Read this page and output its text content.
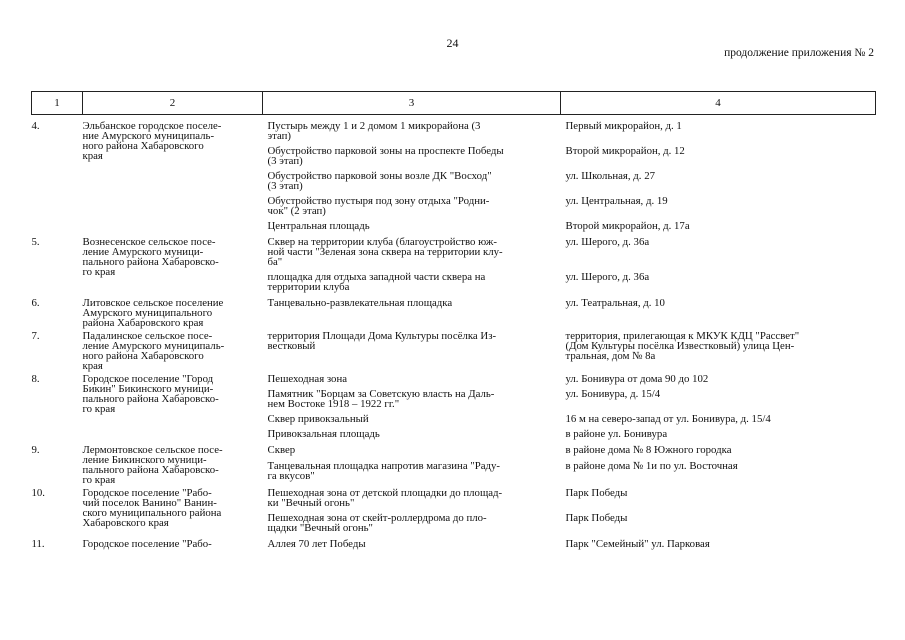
24
продолжение приложения № 2
1	2	3	4

4.	Эльбанское городское поселе-
ние Амурского муниципаль-
ного района Хабаровского
края	Пустырь между 1 и 2 домом 1 микрорайона (3
этап)	Первый микрорайон, д. 1

		Обустройство парковой зоны на проспекте Победы
(3 этап)	Второй микрорайон, д. 12

		Обустройство парковой зоны возле ДК "Восход"
(3 этап)	ул. Школьная, д. 27

		Обустройство пустыря под зону отдыха "Родни-
чок" (2 этап)	ул. Центральная, д. 19

		Центральная площадь	Второй микрорайон, д. 17а

5.	Вознесенское сельское посе-
ление Амурского муници-
пального района Хабаровско-
го края	Сквер на территории клуба (благоустройство юж-
ной части "Зеленая зона сквера на территории клу-
ба"	ул. Шерого, д. 36а

		площадка для отдыха западной части сквера на
территории клуба	ул. Шерого, д. 36а

6.	Литовское сельское поселение
Амурского муниципального
района Хабаровского края	Танцевально-развлекательная площадка	ул. Театральная, д. 10

7.	Падалинское сельское посе-
ление Амурского муниципаль-
ного района Хабаровского
края	территория Площади Дома Культуры посёлка Из-
вестковый	территория, прилегающая к МКУК КДЦ "Рассвет"
(Дом Культуры посёлка Известковый) улица Цен-
тральная, дом № 8а

8.	Городское поселение "Город
Бикин" Бикинского муници-
пального района Хабаровско-
го края	Пешеходная зона	ул. Бонивура от дома 90 до 102

		Памятник "Борцам за Советскую власть на Даль-
нем Востоке 1918 – 1922 гг."	ул. Бонивура, д. 15/4

		Сквер привокзальный	16 м на северо-запад от ул. Бонивура, д. 15/4

		Привокзальная площадь	в районе ул. Бонивура

9.	Лермонтовское сельское посе-
ление Бикинского муници-
пального района Хабаровско-
го края	Сквер	в районе дома № 8 Южного городка

		Танцевальная площадка напротив магазина "Раду-
га вкусов"	в районе дома № 1и по ул. Восточная

10.	Городское поселение "Рабо-
чий поселок Ванино" Ванин-
ского муниципального района
Хабаровского края	Пешеходная зона от детской площадки до площад-
ки "Вечный огонь"	Парк Победы

		Пешеходная зона от скейт-роллердрома до пло-
щадки "Вечный огонь"	Парк Победы

11.	Городское поселение "Рабо-	Аллея 70 лет Победы	Парк "Семейный" ул. Парковая
